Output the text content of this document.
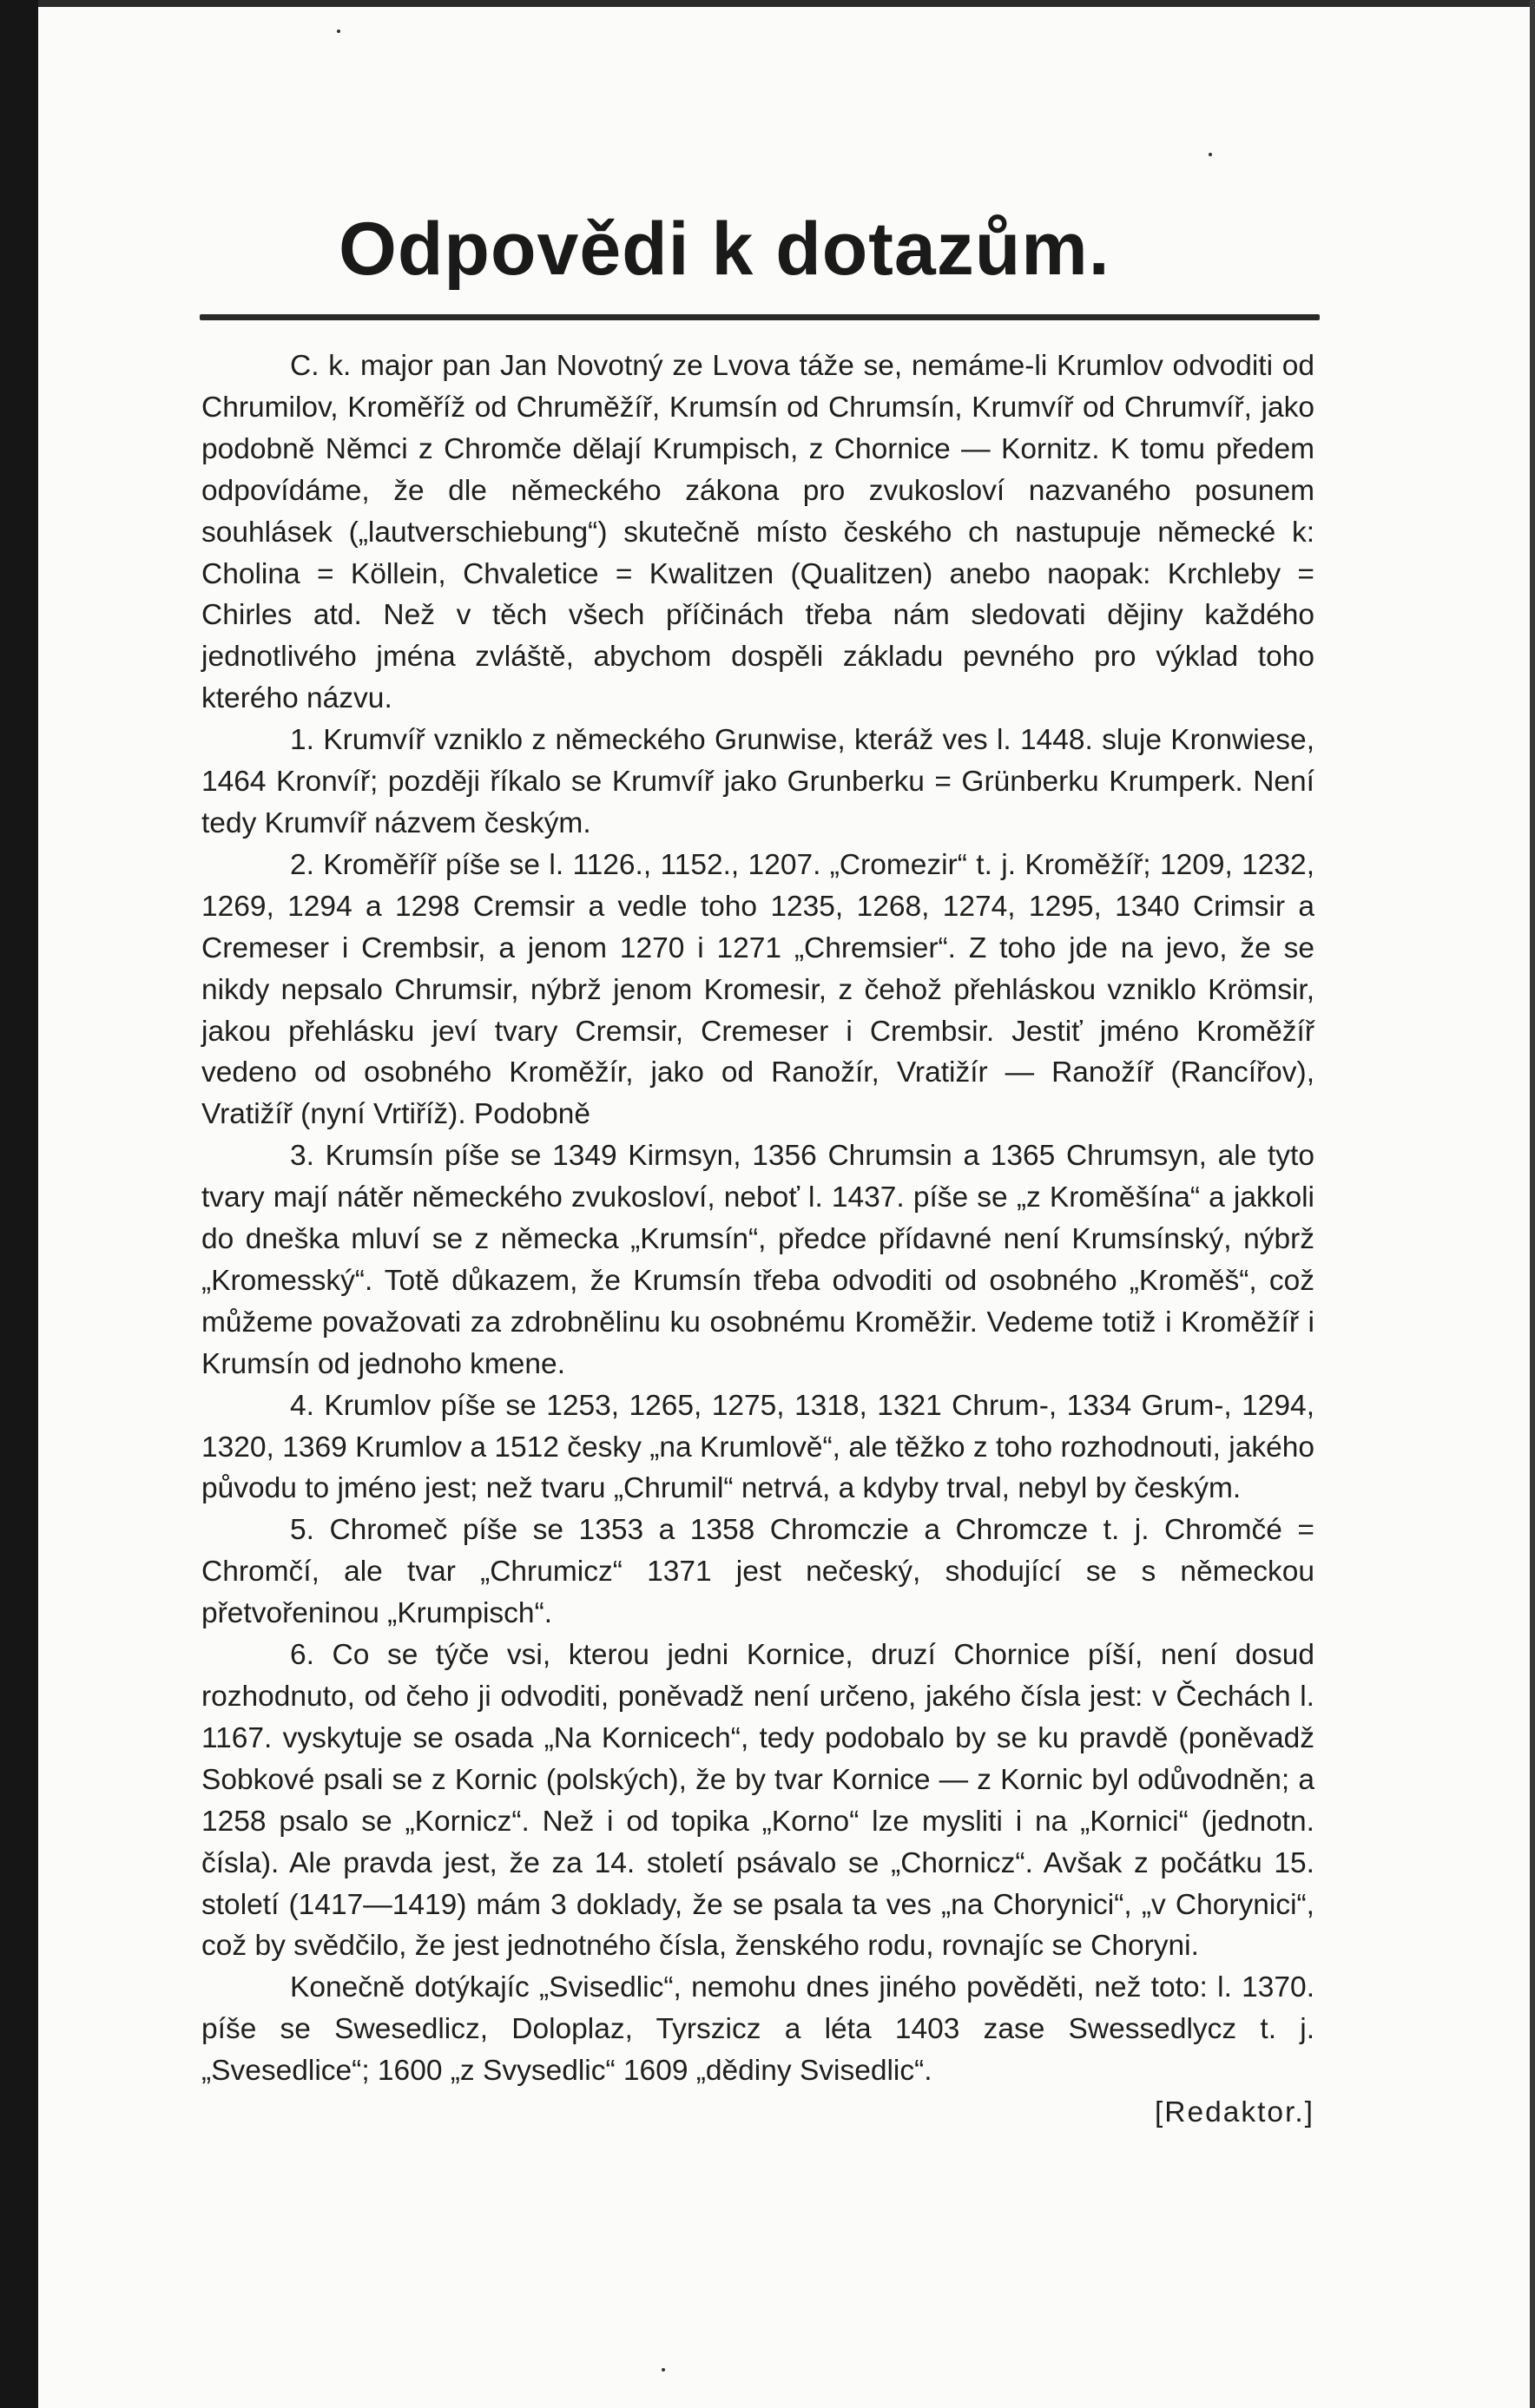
Odpovědi k dotazům.

C. k. major pan Jan Novotný ze Lvova táže se, nemáme-li Krumlov odvoditi od Chrumilov, Kroměříž od Chruměžíř, Krumsín od Chrumsín, Krumvíř od Chrumvíř, jako podobně Němci z Chromče dělají Krumpisch, z Chornice — Kornitz. K tomu předem odpovídáme, že dle německého zákona pro zvukosloví nazvaného posunem souhlásek („lautverschiebung“) skutečně místo českého ch nastupuje německé k: Cholina = Köllein, Chvaletice = Kwalitzen (Qualitzen) anebo naopak: Krchleby = Chirles atd. Než v těch všech příčinách třeba nám sledovati dějiny každého jednotlivého jména zvláště, abychom dospěli základu pevného pro výklad toho kterého názvu.

1. Krumvíř vzniklo z německého Grunwise, kteráž ves l. 1448. sluje Kronwiese, 1464 Kronvíř; později říkalo se Krumvíř jako Grunberku = Grünberku Krumperk. Není tedy Krumvíř názvem českým.

2. Kroměříř píše se l. 1126., 1152., 1207. „Cromezir“ t. j. Kroměžíř; 1209, 1232, 1269, 1294 a 1298 Cremsir a vedle toho 1235, 1268, 1274, 1295, 1340 Crimsir a Cremeser i Crembsir, a jenom 1270 i 1271 „Chremsier“. Z toho jde na jevo, že se nikdy nepsalo Chrumsir, nýbrž jenom Kromesir, z čehož přehláskou vzniklo Krömsir, jakou přehlásku jeví tvary Cremsir, Cremeser i Crembsir. Jestiť jméno Kroměžíř vedeno od osobného Kroměžír, jako od Ranožír, Vratižír — Ranožíř (Rancířov), Vratižíř (nyní Vrtiříž). Podobně

3. Krumsín píše se 1349 Kirmsyn, 1356 Chrumsin a 1365 Chrumsyn, ale tyto tvary mají nátěr německého zvukosloví, neboť l. 1437. píše se „z Kroměšína“ a jakkoli do dneška mluví se z německa „Krumsín“, předce přídavné není Krumsínský, nýbrž „Kromesský“. Totě důkazem, že Krumsín třeba odvoditi od osobného „Kroměš“, což můžeme považovati za zdrobnělinu ku osobnému Kroměžir. Vedeme totiž i Kroměžíř i Krumsín od jednoho kmene.

4. Krumlov píše se 1253, 1265, 1275, 1318, 1321 Chrum-, 1334 Grum-, 1294, 1320, 1369 Krumlov a 1512 česky „na Krumlově“, ale těžko z toho rozhodnouti, jakého původu to jméno jest; než tvaru „Chrumil“ netrvá, a kdyby trval, nebyl by českým.

5. Chromeč píše se 1353 a 1358 Chromczie a Chromcze t. j. Chromčé = Chromčí, ale tvar „Chrumicz“ 1371 jest nečeský, shodující se s německou přetvořeninou „Krumpisch“.

6. Co se týče vsi, kterou jedni Kornice, druzí Chornice píší, není dosud rozhodnuto, od čeho ji odvoditi, poněvadž není určeno, jakého čísla jest: v Čechách l. 1167. vyskytuje se osada „Na Kornicech“, tedy podobalo by se ku pravdě (poněvadž Sobkové psali se z Kornic (polských), že by tvar Kornice — z Kornic byl odůvodněn; a 1258 psalo se „Kornicz“. Než i od topika „Korno“ lze mysliti i na „Kornici“ (jednotn. čísla). Ale pravda jest, že za 14. století psávalo se „Chornicz“. Avšak z počátku 15. století (1417—1419) mám 3 doklady, že se psala ta ves „na Chorynici“, „v Chorynici“, což by svědčilo, že jest jednotného čísla, ženského rodu, rovnajíc se Choryni.

Konečně dotýkajíc „Svisedlic“, nemohu dnes jiného pověděti, než toto: l. 1370. píše se Swesedlicz, Doloplaz, Tyrszicz a léta 1403 zase Swessedlycz t. j. „Svesedlice“; 1600 „z Svysedlic“ 1609 „dědiny Svisedlic“.

[Redaktor.]
